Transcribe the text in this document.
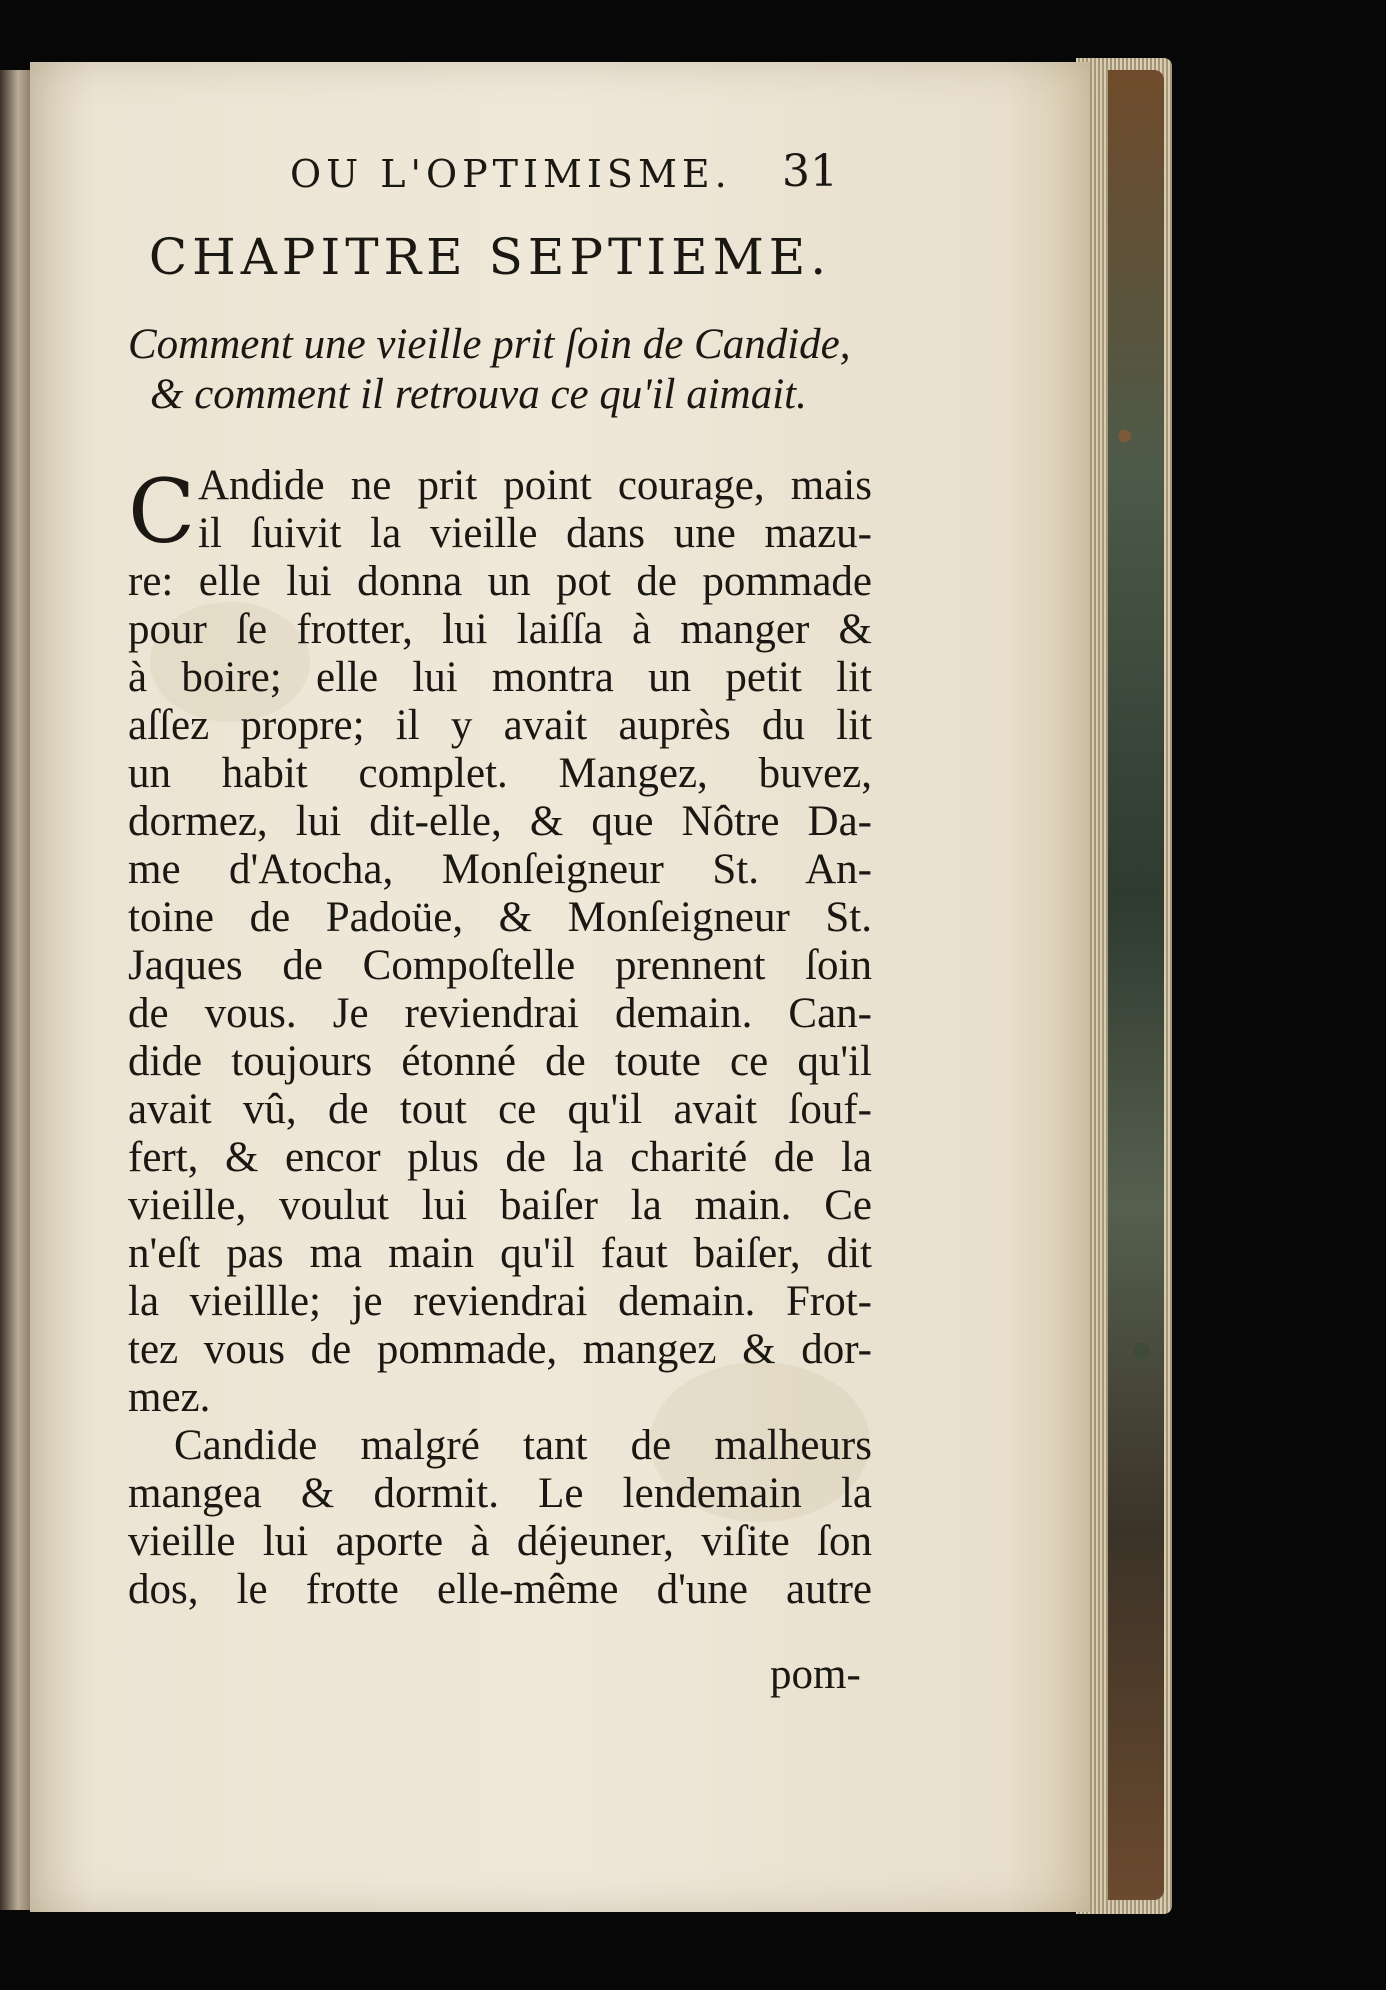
OU L'OPTIMISME. 31
CHAPITRE SEPTIEME.
Comment une vieille prit ſoin de Candide,
& comment il retrouva ce qu'il aimait.
C Andide ne prit point courage, mais
il ſuivit la vieille dans une mazu-
re: elle lui donna un pot de pommade
pour ſe frotter, lui laiſſa à manger &
à boire; elle lui montra un petit lit
aſſez propre; il y avait auprès du lit
un habit complet. Mangez, buvez,
dormez, lui dit-elle, & que Nôtre Da-
me d'Atocha, Monſeigneur St. An-
toine de Padoüe, & Monſeigneur St.
Jaques de Compoſtelle prennent ſoin
de vous. Je reviendrai demain. Can-
dide toujours étonné de toute ce qu'il
avait vû, de tout ce qu'il avait ſouf-
fert, & encor plus de la charité de la
vieille, voulut lui baiſer la main. Ce
n'eſt pas ma main qu'il faut baiſer, dit
la vieillle; je reviendrai demain. Frot-
tez vous de pommade, mangez & dor-
mez.
Candide malgré tant de malheurs
mangea & dormit. Le lendemain la
vieille lui aporte à déjeuner, viſite ſon
dos, le frotte elle-même d'une autre
pom-
